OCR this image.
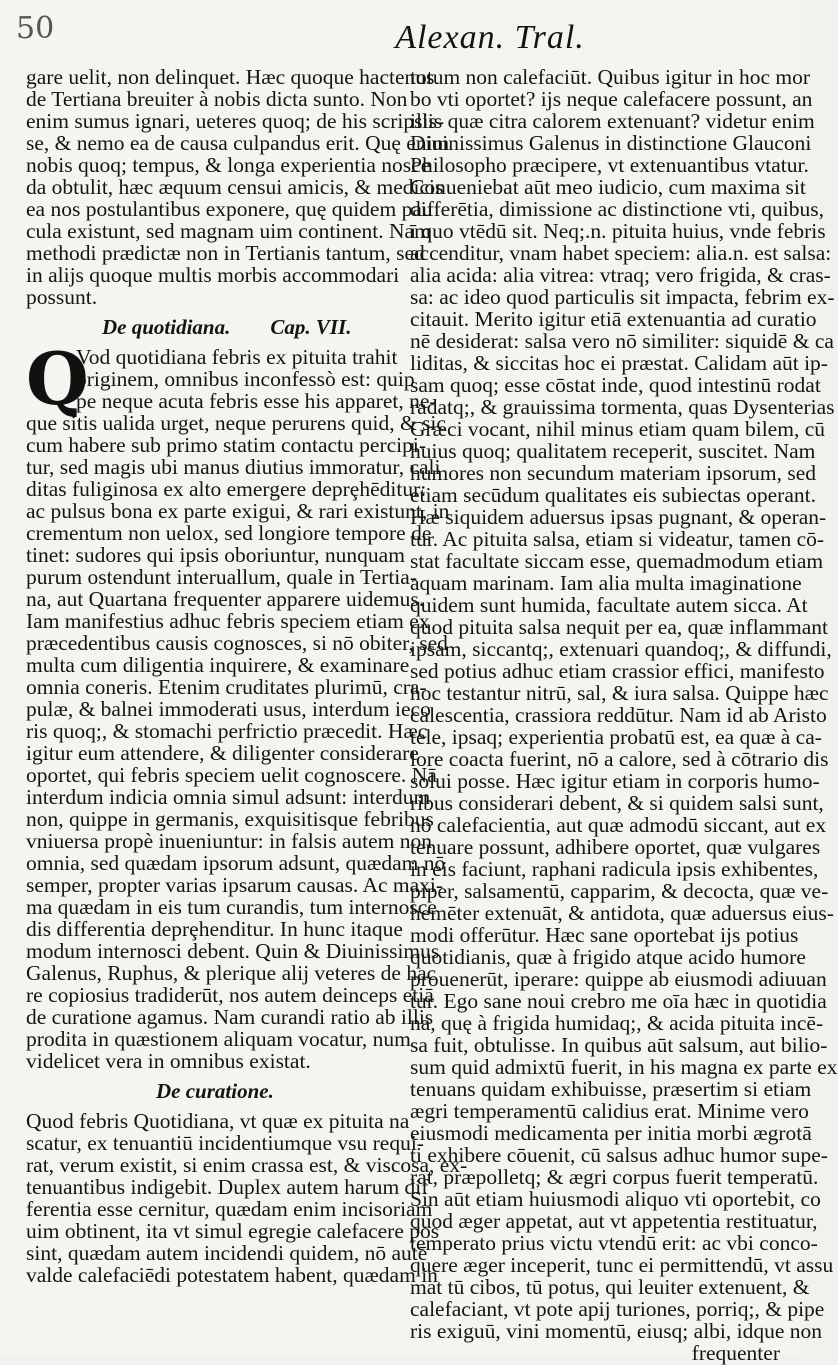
50	Alexan. Tral.
gare uelit, non delinquet. Hæc quoque hactenus
de Tertiana breuiter à nobis dicta sunto. Non
enim sumus ignari, ueteres quoq; de his scripsis-
se, & nemo ea de causa culpandus erit. Quę enim
nobis quoq; tempus, & longa experientia nosce
da obtulit, hæc æquum censui amicis, & medicis
ea nos postulantibus exponere, quę quidem pau
cula existunt, sed magnam uim continent. Nam
methodi prædictæ non in Tertianis tantum, sed
in alijs quoque multis morbis accommodari
possunt.
De quotidiana. Cap. VII.
Q
Vod quotidiana febris ex pituita trahit
originem, omnibus inconfessò est: quip
pe neque acuta febris esse his apparet, ne-
que sitis ualida urget, neque perurens quid, & sic
cum habere sub primo statim contactu percipi-
tur, sed magis ubi manus diutius immoratur, cali
ditas fuliginosa ex alto emergere deprȩhēditur:
ac pulsus bona ex parte exigui, & rari existunt, in
crementum non uelox, sed longiore tempore de
tinet: sudores qui ipsis oboriuntur, nunquam
purum ostendunt interuallum, quale in Tertia-
na, aut Quartana frequenter apparere uidemus.
Iam manifestius adhuc febris speciem etiam ex
præcedentibus causis cognosces, si nō obiter, sed
multa cum diligentia inquirere, & examinare
omnia coneris. Etenim cruditates plurimū, cra-
pulæ, & balnei immoderati usus, interdum ieco
ris quoq;, & stomachi perfrictio præcedit. Hæc
igitur eum attendere, & diligenter considerare
oportet, qui febris speciem uelit cognoscere. Nā
interdum indicia omnia simul adsunt: interdum
non, quippe in germanis, exquisitisque febribus
vniuersa propè inueniuntur: in falsis autem non
omnia, sed quædam ipsorum adsunt, quædam nō
semper, propter varias ipsarum causas. Ac maxi-
ma quædam in eis tum curandis, tum internosce
dis differentia deprȩhenditur. In hunc itaque
modum internosci debent. Quin & Diuinissimus
Galenus, Ruphus, & plerique alij veteres de hac
re copiosius tradiderūt, nos autem deinceps etiā
de curatione agamus. Nam curandi ratio ab illis
prodita in quæstionem aliquam vocatur, num
videlicet vera in omnibus existat.
De curatione.
Quod febris Quotidiana, vt quæ ex pituita na
scatur, ex tenuantiū incidentiumque vsu requi-
rat, verum existit, si enim crassa est, & viscosa, ex-
tenuantibus indigebit. Duplex autem harum dif
ferentia esse cernitur, quædam enim incisoriam
uim obtinent, ita vt simul egregie calefacere pos
sint, quædam autem incidendi quidem, nō autē
valde calefaciēdi potestatem habent, quædam in
totum non calefaciūt. Quibus igitur in hoc mor
bo vti oportet? ijs neque calefacere possunt, an
illis quæ citra calorem extenuant? videtur enim
Diuinissimus Galenus in distinctione Glauconi
Philosopho præcipere, vt extenuantibus vtatur.
Conueniebat aūt meo iudicio, cum maxima sit
differētia, dimissione ac distinctione vti, quibus,
ī quo vtēdū sit. Neq;.n. pituita huius, vnde febris
accenditur, vnam habet speciem: alia.n. est salsa:
alia acida: alia vitrea: vtraq; vero frigida, & cras-
sa: ac ideo quod particulis sit impacta, febrim ex-
citauit. Merito igitur etiā extenuantia ad curatio
nē desiderat: salsa vero nō similiter: siquidē & ca
liditas, & siccitas hoc ei præstat. Calidam aūt ip-
sam quoq; esse cōstat inde, quod intestinū rodat
radatq;, & grauissima tormenta, quas Dysenterias
Græci vocant, nihil minus etiam quam bilem, cū
huius quoq; qualitatem receperit, suscitet. Nam
humores non secundum materiam ipsorum, sed
etiam secūdum qualitates eis subiectas operant.
Hæ siquidem aduersus ipsas pugnant, & operan-
tur. Ac pituita salsa, etiam si videatur, tamen cō-
stat facultate siccam esse, quemadmodum etiam
aquam marinam. Iam alia multa imaginatione
quidem sunt humida, facultate autem sicca. At
quod pituita salsa nequit per ea, quæ inflammant
ipsam, siccantq;, extenuari quandoq;, & diffundi,
sed potius adhuc etiam crassior effici, manifesto
hoc testantur nitrū, sal, & iura salsa. Quippe hæc
calescentia, crassiora reddūtur. Nam id ab Aristo
tele, ipsaq; experientia probatū est, ea quæ à ca-
lore coacta fuerint, nō a calore, sed à cōtrario dis
solui posse. Hæc igitur etiam in corporis humo-
ribus considerari debent, & si quidem salsi sunt,
nō calefacientia, aut quæ admodū siccant, aut ex
tenuare possunt, adhibere oportet, quæ vulgares
in eis faciunt, raphani radicula ipsis exhibentes,
piper, salsamentū, capparim, & decocta, quæ ve-
hemēter extenuāt, & antidota, quæ aduersus eius-
modi offerūtur. Hæc sane oportebat ijs potius
quotidianis, quæ à frigido atque acido humore
prouenerūt, iperare: quippe ab eiusmodi adiuuan
tur. Ego sane noui crebro me oīa hæc in quotidia
na, quę à frigida humidaq;, & acida pituita incē-
sa fuit, obtulisse. In quibus aūt salsum, aut bilio-
sum quid admixtū fuerit, in his magna ex parte ex
tenuans quidam exhibuisse, præsertim si etiam
ægri temperamentū calidius erat. Minime vero
eiusmodi medicamenta per initia morbi ægrotā
ti exhibere cōuenit, cū salsus adhuc humor supe-
rat, præpolletq; & ægri corpus fuerit temperatū.
Sin aūt etiam huiusmodi aliquo vti oportebit, co
quod æger appetat, aut vt appetentia restituatur,
temperato prius victu vtendū erit: ac vbi conco-
quere æger inceperit, tunc ei permittendū, vt assu
mat tū cibos, tū potus, qui leuiter extenuent, &
calefaciant, vt pote apij turiones, porriq;, & pipe
ris exiguū, vini momentū, eiusq; albi, idque non
frequenter
